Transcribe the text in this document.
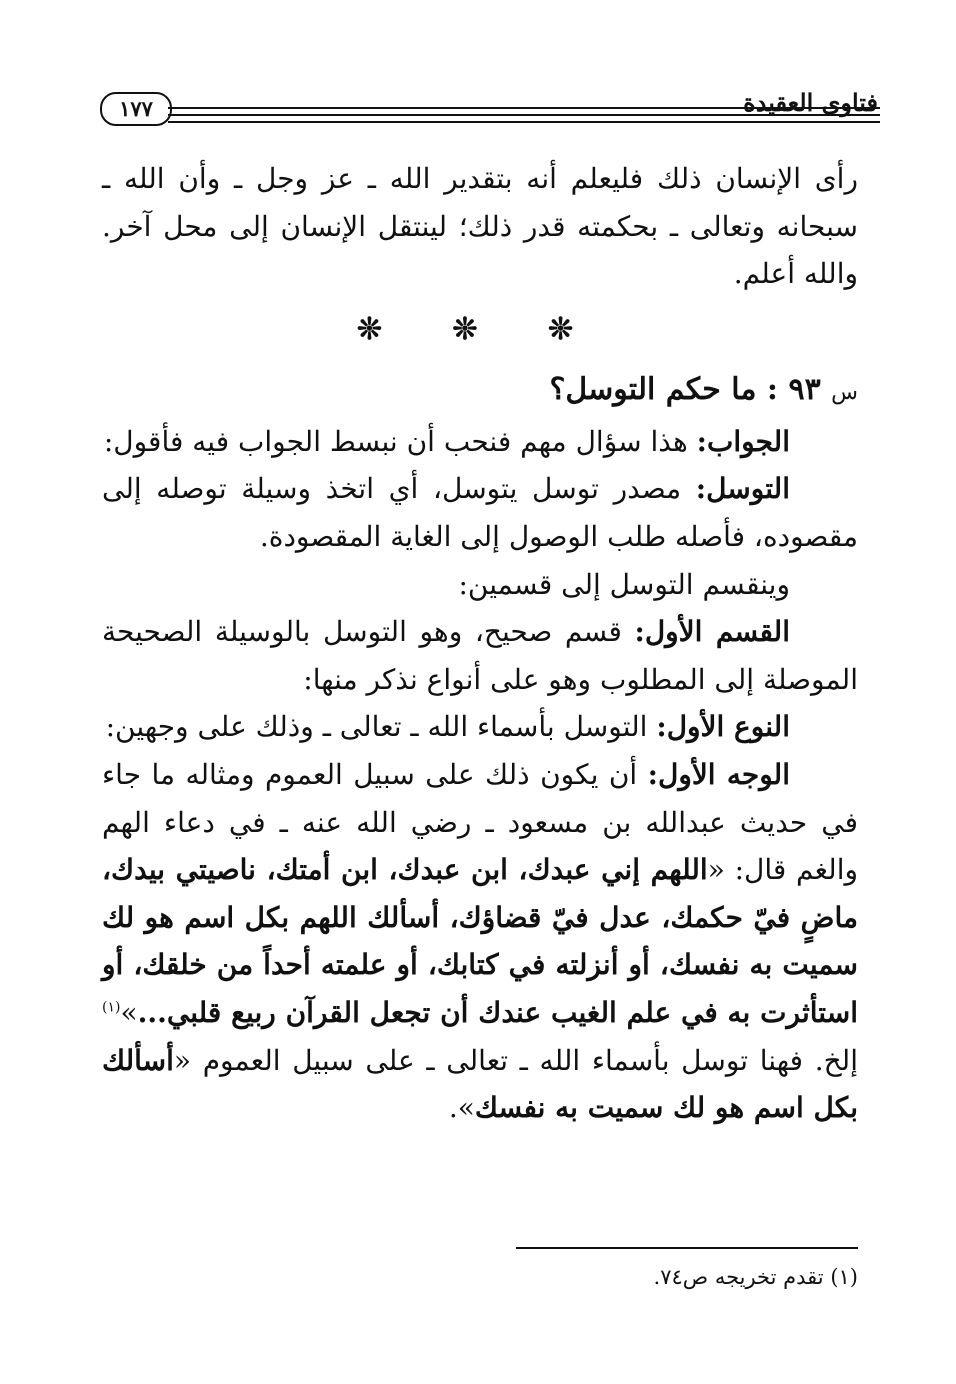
فتاوى العقيدة
١٧٧

رأى الإنسان ذلك فليعلم أنه بتقدير الله ـ عز وجل ـ وأن الله ـ سبحانه وتعالى ـ بحكمته قدر ذلك؛ لينتقل الإنسان إلى محل آخر. والله أعلم.

❊ ❊ ❊
س ٩٣ : ما حكم التوسل؟

الجواب: هذا سؤال مهم فنحب أن نبسط الجواب فيه فأقول:

التوسل: مصدر توسل يتوسل، أي اتخذ وسيلة توصله إلى مقصوده، فأصله طلب الوصول إلى الغاية المقصودة.

وينقسم التوسل إلى قسمين:

القسم الأول: قسم صحيح، وهو التوسل بالوسيلة الصحيحة الموصلة إلى المطلوب وهو على أنواع نذكر منها:

النوع الأول: التوسل بأسماء الله ـ تعالى ـ وذلك على وجهين:

الوجه الأول: أن يكون ذلك على سبيل العموم ومثاله ما جاء في حديث عبدالله بن مسعود ـ رضي الله عنه ـ في دعاء الهم والغم قال: «اللهم إني عبدك، ابن عبدك، ابن أمتك، ناصيتي بيدك، ماضٍ فيّ حكمك، عدل فيّ قضاؤك، أسألك اللهم بكل اسم هو لك سميت به نفسك، أو أنزلته في كتابك، أو علمته أحداً من خلقك، أو استأثرت به في علم الغيب عندك أن تجعل القرآن ربيع قلبي...»$^{(١)}$ إلخ. فهنا توسل بأسماء الله ـ تعالى ـ على سبيل العموم «أسألك بكل اسم هو لك سميت به نفسك».

(١) تقدم تخريجه ص٧٤.
